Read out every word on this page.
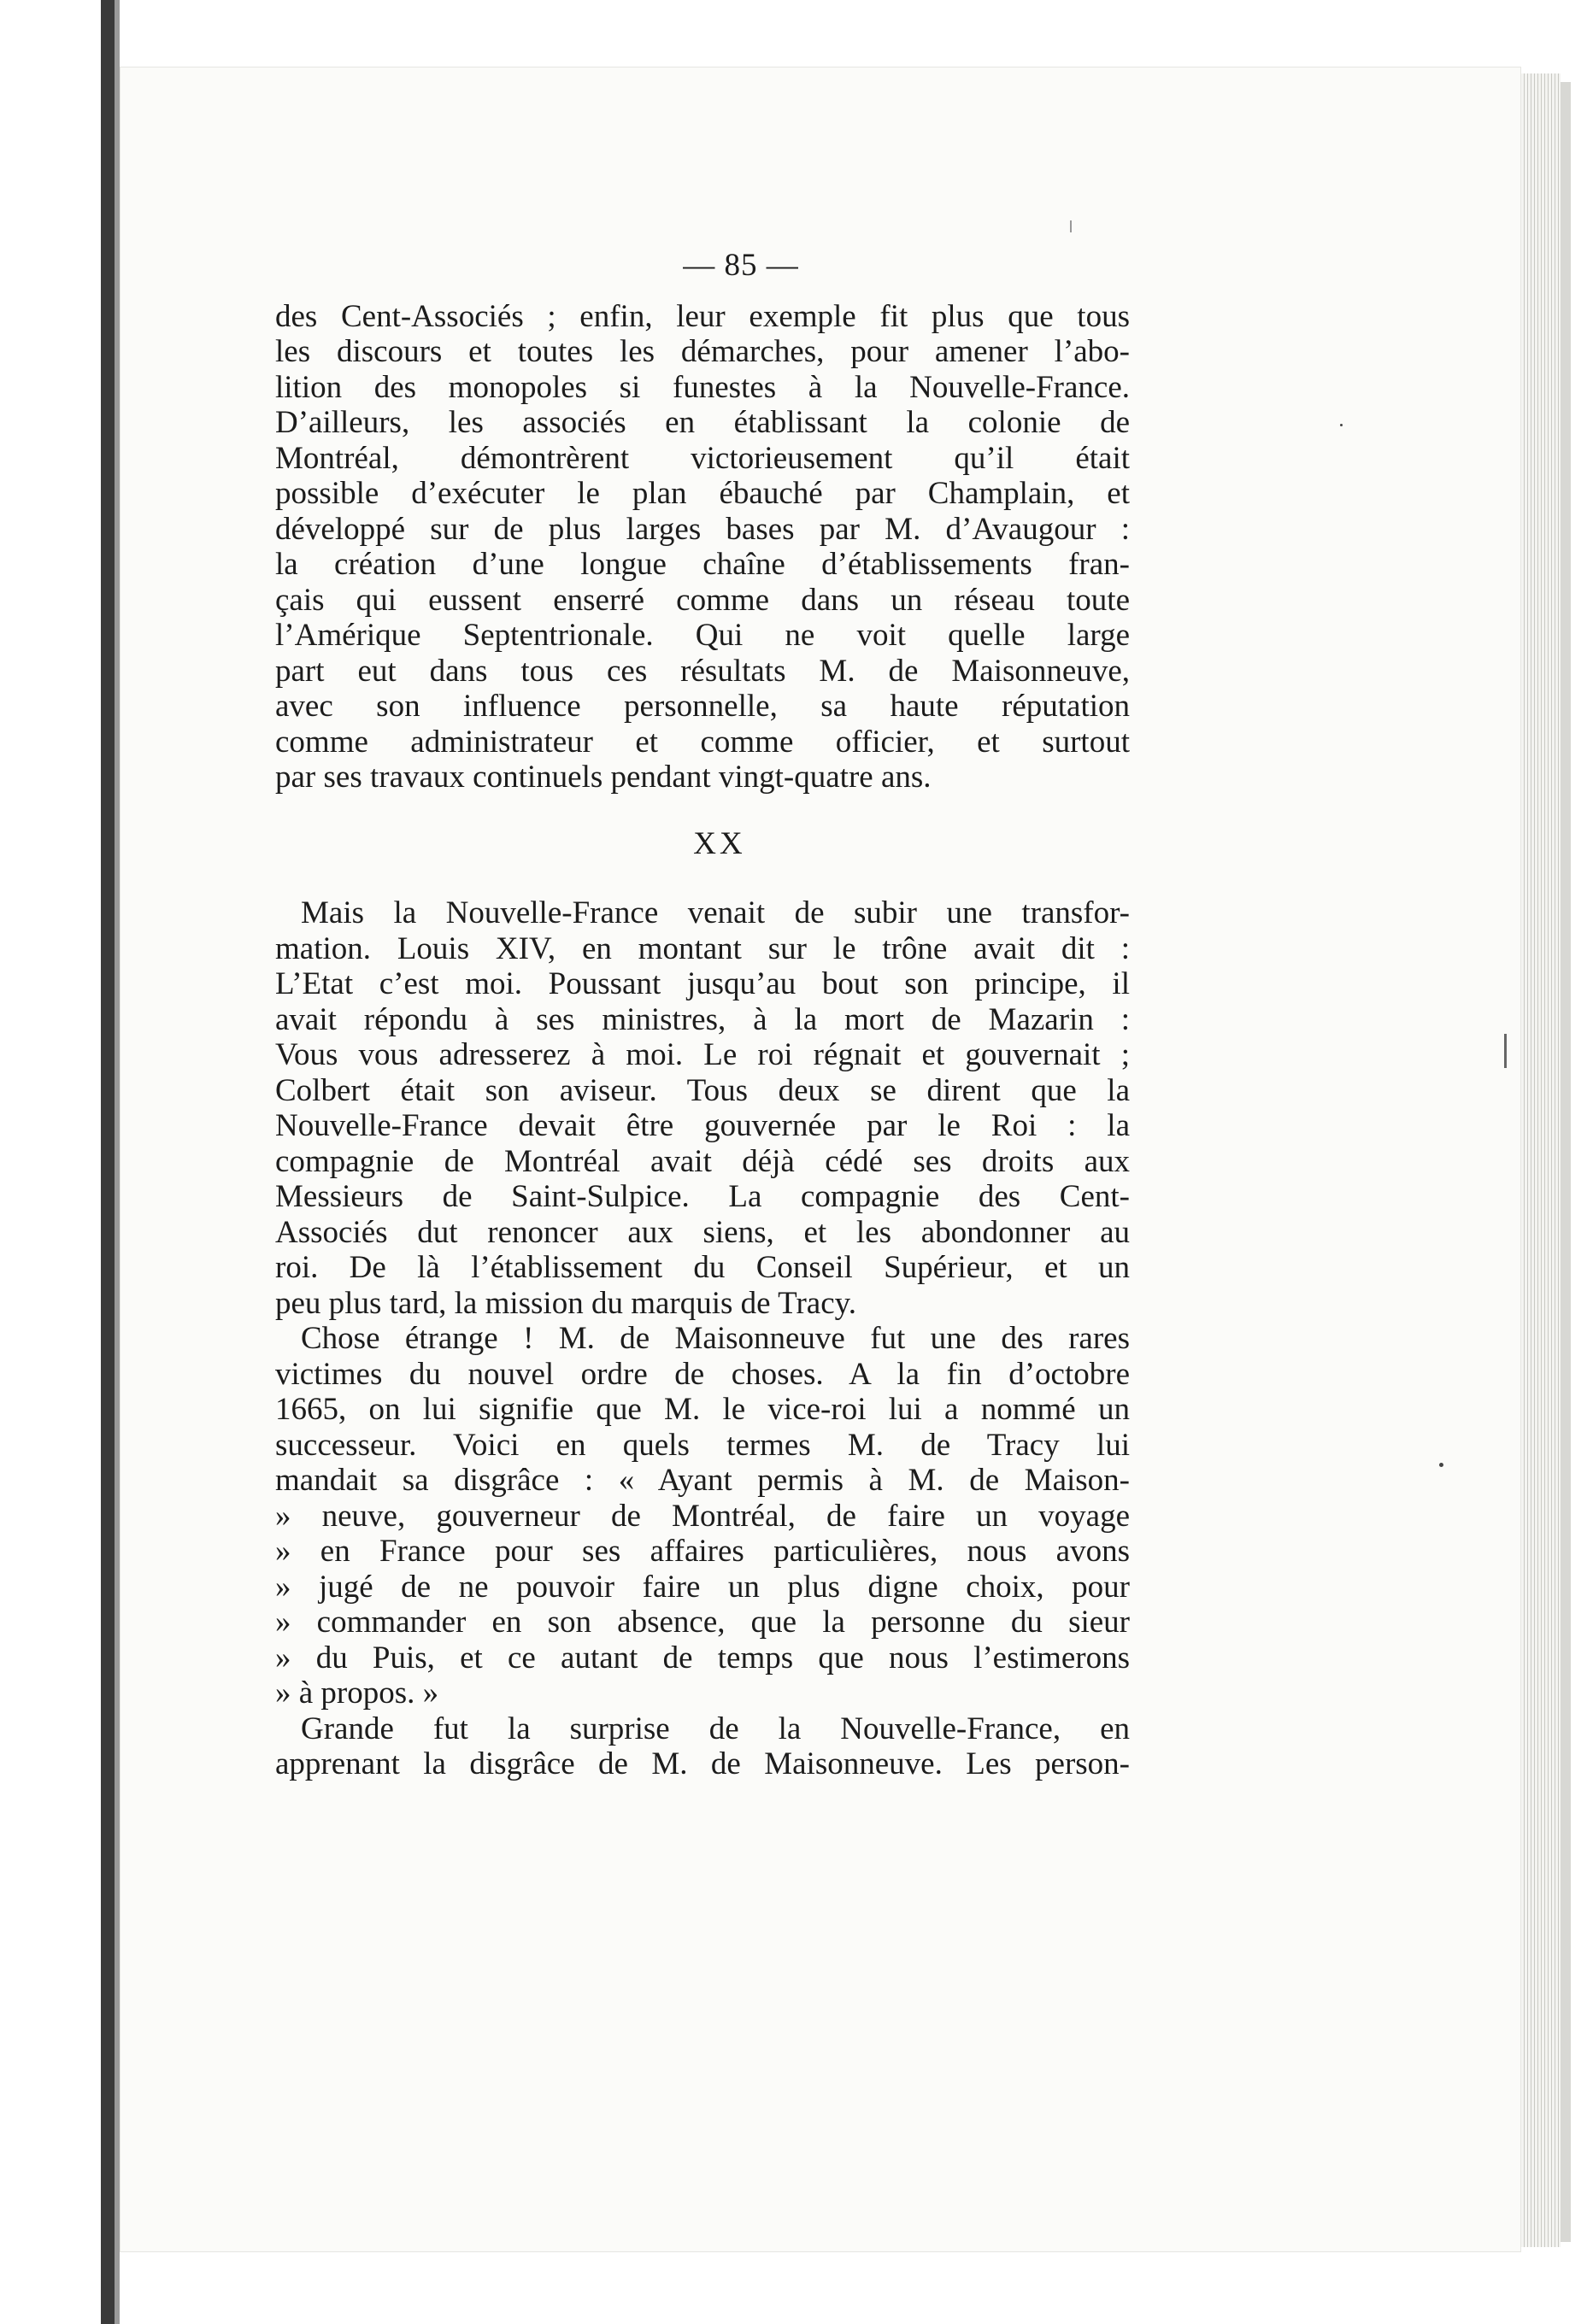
— 85 —
des Cent-Associés ; enfin, leur exemple fit plus que tous
les discours et toutes les démarches, pour amener l’abo-
lition des monopoles si funestes à la Nouvelle-France.
D’ailleurs, les associés en établissant la colonie de
Montréal, démontrèrent victorieusement qu’il était
possible d’exécuter le plan ébauché par Champlain, et
développé sur de plus larges bases par M. d’Avaugour :
la création d’une longue chaîne d’établissements fran-
çais qui eussent enserré comme dans un réseau toute
l’Amérique Septentrionale. Qui ne voit quelle large
part eut dans tous ces résultats M. de Maisonneuve,
avec son influence personnelle, sa haute réputation
comme administrateur et comme officier, et surtout
par ses travaux continuels pendant vingt-quatre ans.
XX
Mais la Nouvelle-France venait de subir une transfor-
mation. Louis XIV, en montant sur le trône avait dit :
L’Etat c’est moi. Poussant jusqu’au bout son principe, il
avait répondu à ses ministres, à la mort de Mazarin :
Vous vous adresserez à moi. Le roi régnait et gouvernait ;
Colbert était son aviseur. Tous deux se dirent que la
Nouvelle-France devait être gouvernée par le Roi : la
compagnie de Montréal avait déjà cédé ses droits aux
Messieurs de Saint-Sulpice. La compagnie des Cent-
Associés dut renoncer aux siens, et les abondonner au
roi. De là l’établissement du Conseil Supérieur, et un
peu plus tard, la mission du marquis de Tracy.
Chose étrange ! M. de Maisonneuve fut une des rares
victimes du nouvel ordre de choses. A la fin d’octobre
1665, on lui signifie que M. le vice-roi lui a nommé un
successeur. Voici en quels termes M. de Tracy lui
mandait sa disgrâce : « Ayant permis à M. de Maison-
» neuve, gouverneur de Montréal, de faire un voyage
» en France pour ses affaires particulières, nous avons
» jugé de ne pouvoir faire un plus digne choix, pour
» commander en son absence, que la personne du sieur
» du Puis, et ce autant de temps que nous l’estimerons
» à propos. »
Grande fut la surprise de la Nouvelle-France, en
apprenant la disgrâce de M. de Maisonneuve. Les person-
